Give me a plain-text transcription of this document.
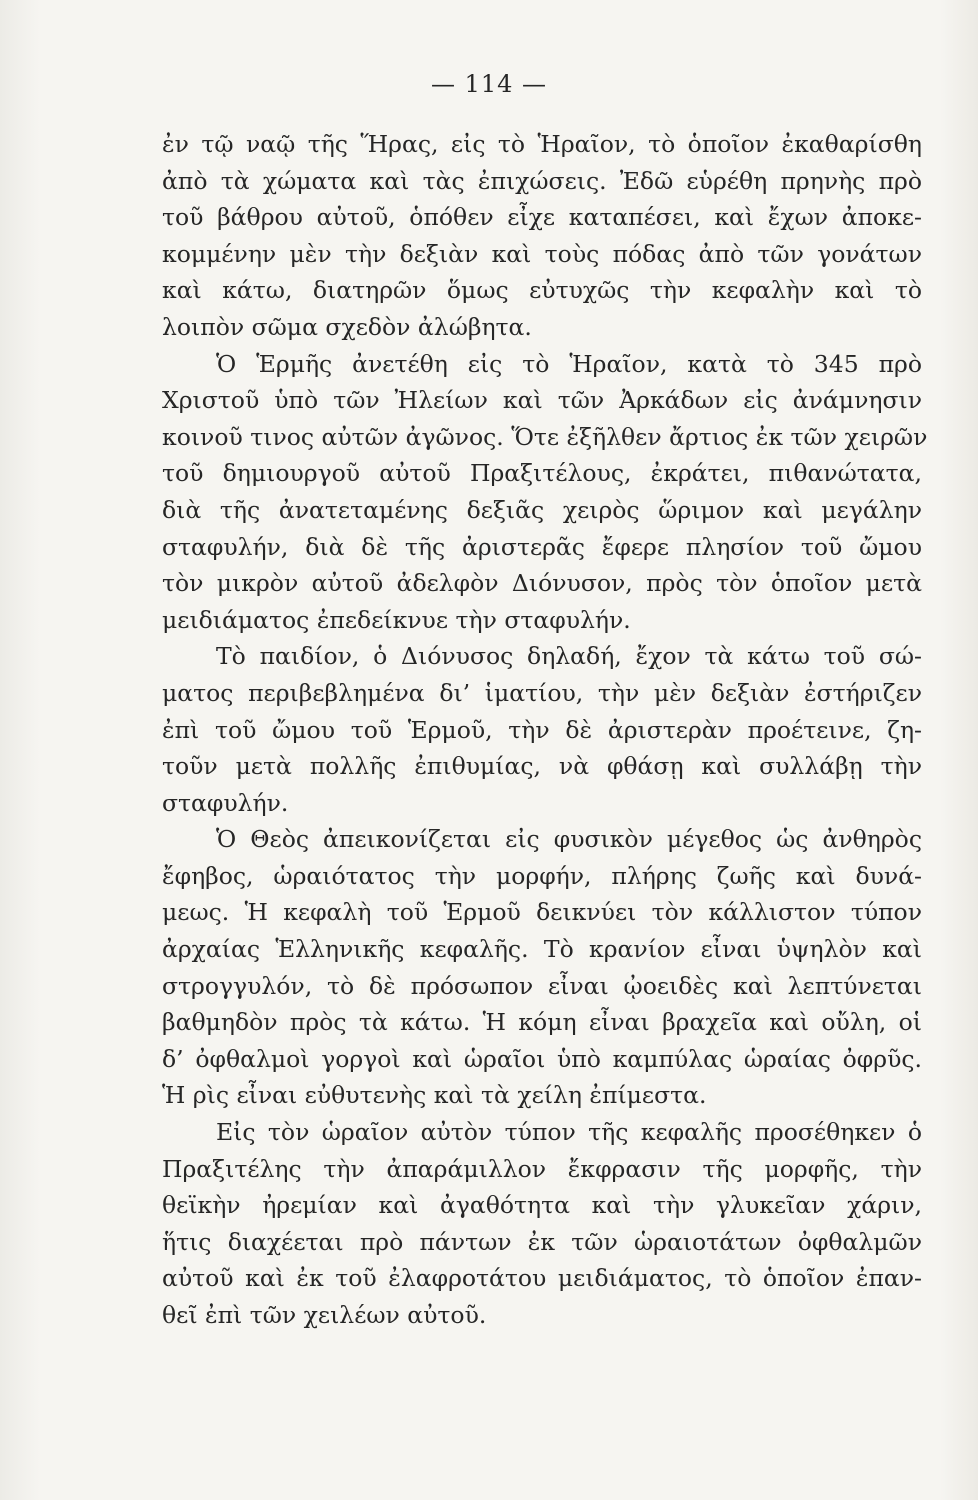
— 114 —
ἐν τῷ ναῷ τῆς Ἥρας, εἰς τὸ Ἡραῖον, τὸ ὁποῖον ἐκαθαρίσθη
ἀπὸ τὰ χώματα καὶ τὰς ἐπιχώσεις. Ἐδῶ εὑρέθη πρηνὴς πρὸ
τοῦ βάθρου αὐτοῦ, ὁπόθεν εἶχε καταπέσει, καὶ ἔχων ἀποκε-
κομμένην μὲν τὴν δεξιὰν καὶ τοὺς πόδας ἀπὸ τῶν γονάτων
καὶ κάτω, διατηρῶν ὅμως εὐτυχῶς τὴν κεφαλὴν καὶ τὸ
λοιπὸν σῶμα σχεδὸν ἀλώβητα.
Ὁ Ἑρμῆς ἀνετέθη εἰς τὸ Ἡραῖον, κατὰ τὸ 345 πρὸ
Χριστοῦ ὑπὸ τῶν Ἠλείων καὶ τῶν Ἀρκάδων εἰς ἀνάμνησιν
κοινοῦ τινος αὐτῶν ἀγῶνος. Ὅτε ἐξῆλθεν ἄρτιος ἐκ τῶν χειρῶν
τοῦ δημιουργοῦ αὐτοῦ Πραξιτέλους, ἐκράτει, πιθανώτατα,
διὰ τῆς ἀνατεταμένης δεξιᾶς χειρὸς ὥριμον καὶ μεγάλην
σταφυλήν, διὰ δὲ τῆς ἀριστερᾶς ἔφερε πλησίον τοῦ ὤμου
τὸν μικρὸν αὐτοῦ ἀδελφὸν Διόνυσον, πρὸς τὸν ὁποῖον μετὰ
μειδιάματος ἐπεδείκνυε τὴν σταφυλήν.
Τὸ παιδίον, ὁ Διόνυσος δηλαδή, ἔχον τὰ κάτω τοῦ σώ-
ματος περιβεβλημένα δι’ ἱματίου, τὴν μὲν δεξιὰν ἐστήριζεν
ἐπὶ τοῦ ὤμου τοῦ Ἑρμοῦ, τὴν δὲ ἀριστερὰν προέτεινε, ζη-
τοῦν μετὰ πολλῆς ἐπιθυμίας, νὰ φθάσῃ καὶ συλλάβῃ τὴν
σταφυλήν.
Ὁ Θεὸς ἀπεικονίζεται εἰς φυσικὸν μέγεθος ὡς ἀνθηρὸς
ἔφηβος, ὡραιότατος τὴν μορφήν, πλήρης ζωῆς καὶ δυνά-
μεως. Ἡ κεφαλὴ τοῦ Ἑρμοῦ δεικνύει τὸν κάλλιστον τύπον
ἀρχαίας Ἑλληνικῆς κεφαλῆς. Τὸ κρανίον εἶναι ὑψηλὸν καὶ
στρογγυλόν, τὸ δὲ πρόσωπον εἶναι ᾠοειδὲς καὶ λεπτύνεται
βαθμηδὸν πρὸς τὰ κάτω. Ἡ κόμη εἶναι βραχεῖα καὶ οὔλη, οἱ
δ’ ὀφθαλμοὶ γοργοὶ καὶ ὡραῖοι ὑπὸ καμπύλας ὡραίας ὀφρῦς.
Ἡ ρὶς εἶναι εὐθυτενὴς καὶ τὰ χείλη ἐπίμεστα.
Εἰς τὸν ὡραῖον αὐτὸν τύπον τῆς κεφαλῆς προσέθηκεν ὁ
Πραξιτέλης τὴν ἀπαράμιλλον ἔκφρασιν τῆς μορφῆς, τὴν
θεϊκὴν ἠρεμίαν καὶ ἀγαθότητα καὶ τὴν γλυκεῖαν χάριν,
ἥτις διαχέεται πρὸ πάντων ἐκ τῶν ὡραιοτάτων ὀφθαλμῶν
αὐτοῦ καὶ ἐκ τοῦ ἐλαφροτάτου μειδιάματος, τὸ ὁποῖον ἐπαν-
θεῖ ἐπὶ τῶν χειλέων αὐτοῦ.
